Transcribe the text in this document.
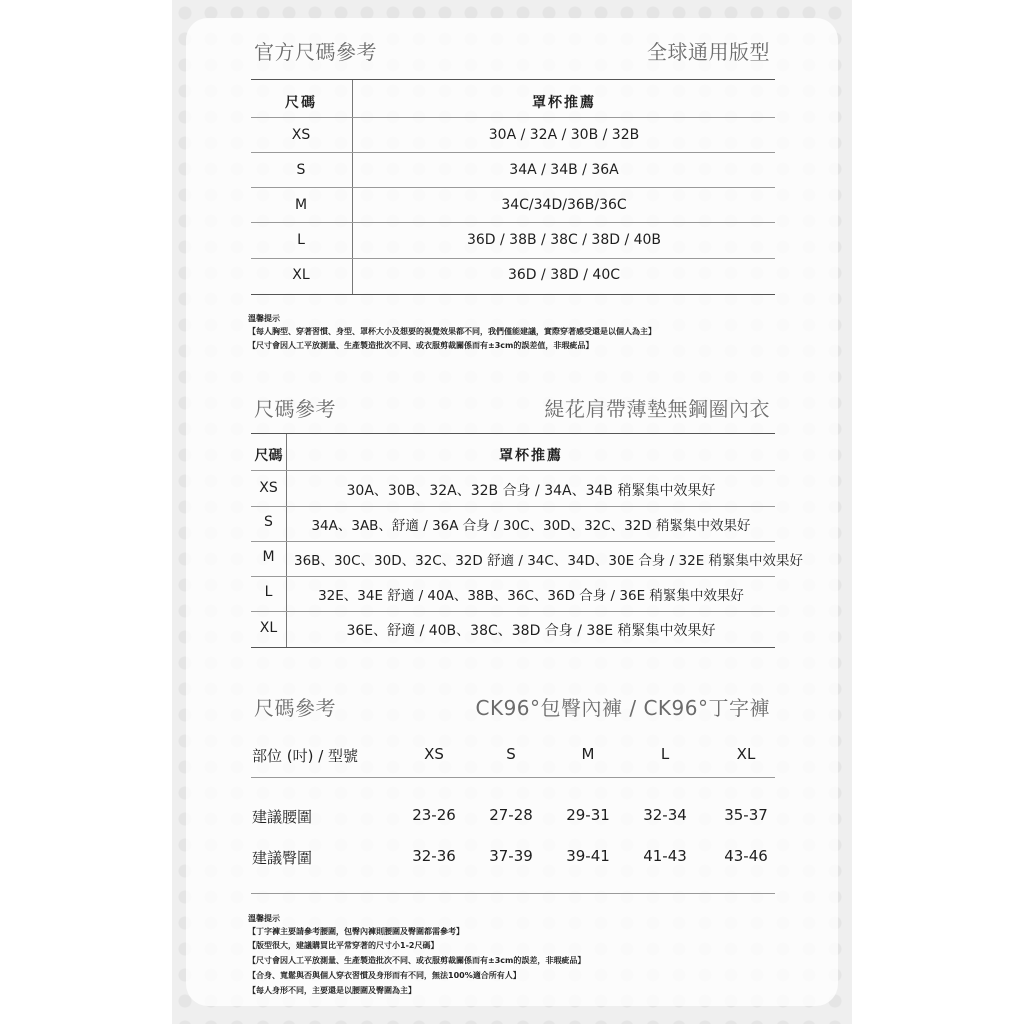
官方尺碼參考	全球通用版型
尺碼	罩杯推薦
XS	30A / 32A / 30B / 32B
S	34A / 34B / 36A
M	34C/34D/36B/36C
L	36D / 38B / 38C / 38D / 40B
XL	36D / 38D / 40C
溫馨提示
【每人胸型、穿著習慣、身型、罩杯大小及想要的視覺效果都不同，我們僅能建議，實際穿著感受還是以個人為主】
【尺寸會因人工平放測量、生產製造批次不同、或衣服剪裁關係而有±3cm的誤差值，非瑕疵品】
尺碼參考	緹花肩帶薄墊無鋼圈內衣
尺碼	罩杯推薦
XS	30A、30B、32A、32B 合身 / 34A、34B 稍緊集中效果好
S	34A、3AB、舒適 / 36A 合身 / 30C、30D、32C、32D 稍緊集中效果好
M	36B、30C、30D、32C、32D 舒適 / 34C、34D、30E 合身 / 32E 稍緊集中效果好
L	32E、34E 舒適 / 40A、38B、36C、36D 合身 / 36E 稍緊集中效果好
XL	36E、舒適 / 40B、38C、38D 合身 / 38E 稍緊集中效果好
尺碼參考	CK96°包臀內褲 / CK96°丁字褲
部位 (吋) / 型號	XS	S	M	L	XL
建議腰圍	23-26	27-28	29-31	32-34	35-37
建議臀圍	32-36	37-39	39-41	41-43	43-46
溫馨提示
【丁字褲主要請參考腰圍，包臀內褲則腰圍及臀圍都需參考】
【版型很大，建議購買比平常穿著的尺寸小1-2尺碼】
【尺寸會因人工平放測量、生產製造批次不同、或衣服剪裁關係而有±3cm的誤差，非瑕疵品】
【合身、寬鬆與否與個人穿衣習慣及身形而有不同，無法100%適合所有人】
【每人身形不同，主要還是以腰圍及臀圍為主】
